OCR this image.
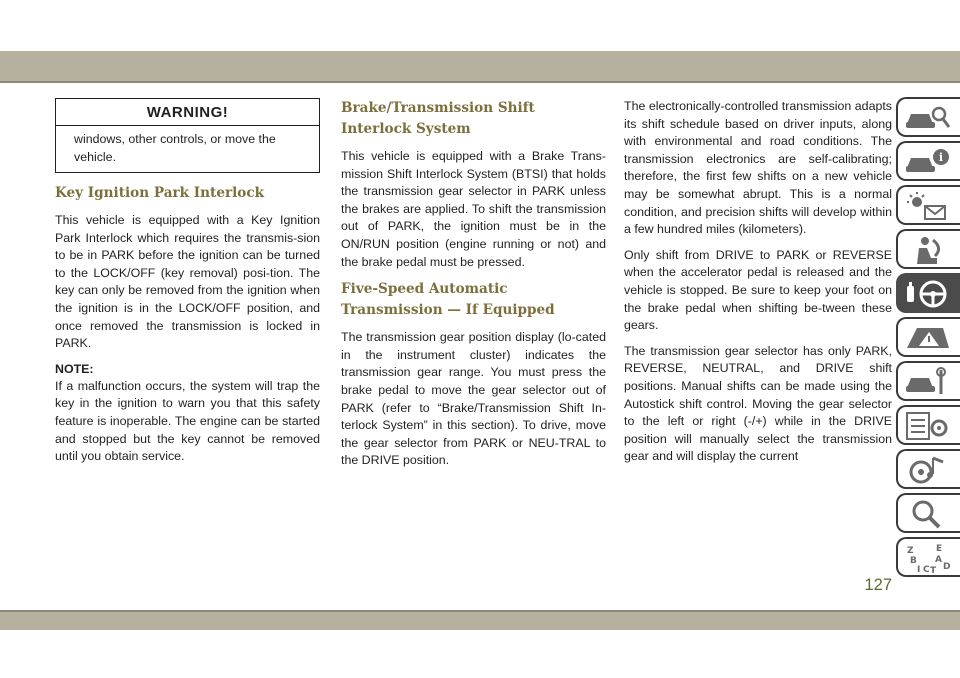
WARNING!
windows, other controls, or move the vehicle.
Key Ignition Park Interlock

This vehicle is equipped with a Key Ignition Park Interlock which requires the transmis-sion to be in PARK before the ignition can be turned to the LOCK/OFF (key removal) posi-tion. The key can only be removed from the ignition when the ignition is in the LOCK/OFF position, and once removed the transmission is locked in PARK.

NOTE:

If a malfunction occurs, the system will trap the key in the ignition to warn you that this safety feature is inoperable. The engine can be started and stopped but the key cannot be removed until you obtain service.

Brake/Transmission Shift Interlock System

This vehicle is equipped with a Brake Trans-mission Shift Interlock System (BTSI) that holds the transmission gear selector in PARK unless the brakes are applied. To shift the transmission out of PARK, the ignition must be in the ON/RUN position (engine running or not) and the brake pedal must be pressed.

Five-Speed Automatic Transmission — If Equipped

The transmission gear position display (lo-cated in the instrument cluster) indicates the transmission gear range. You must press the brake pedal to move the gear selector out of PARK (refer to “Brake/Transmission Shift In-terlock System” in this section). To drive, move the gear selector from PARK or NEU-TRAL to the DRIVE position.

The electronically-controlled transmission adapts its shift schedule based on driver inputs, along with environmental and road conditions. The transmission electronics are self-calibrating; therefore, the first few shifts on a new vehicle may be somewhat abrupt. This is a normal condition, and precision shifts will develop within a few hundred miles (kilometers).

Only shift from DRIVE to PARK or REVERSE when the accelerator pedal is released and the vehicle is stopped. Be sure to keep your foot on the brake pedal when shifting be-tween these gears.

The transmission gear selector has only PARK, REVERSE, NEUTRAL, and DRIVE shift positions. Manual shifts can be made using the Autostick shift control. Moving the gear selector to the left or right (-/+) while in the DRIVE position will manually select the transmission gear and will display the current

i
Z E
B A
I C T D
127
